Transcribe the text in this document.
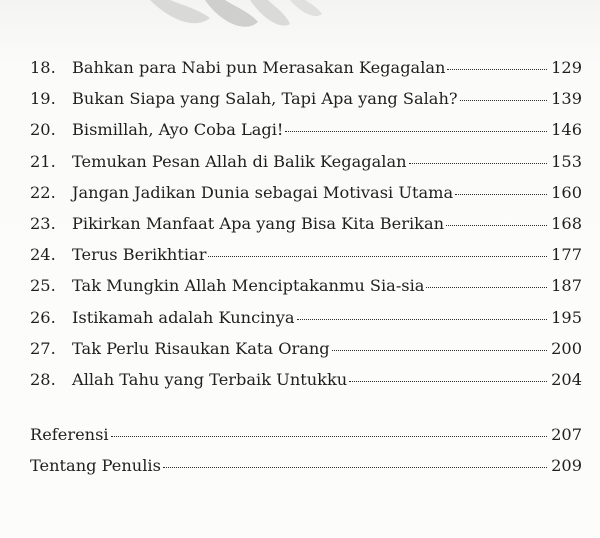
18.	Bahkan para Nabi pun Merasakan Kegagalan	129
19.	Bukan Siapa yang Salah, Tapi Apa yang Salah?	139
20.	Bismillah, Ayo Coba Lagi!	146
21.	Temukan Pesan Allah di Balik Kegagalan	153
22.	Jangan Jadikan Dunia sebagai Motivasi Utama	160
23.	Pikirkan Manfaat Apa yang Bisa Kita Berikan	168
24.	Terus Berikhtiar	177
25.	Tak Mungkin Allah Menciptakanmu Sia-sia	187
26.	Istikamah adalah Kuncinya	195
27.	Tak Perlu Risaukan Kata Orang	200
28.	Allah Tahu yang Terbaik Untukku	204
Referensi	207
Tentang Penulis	209
